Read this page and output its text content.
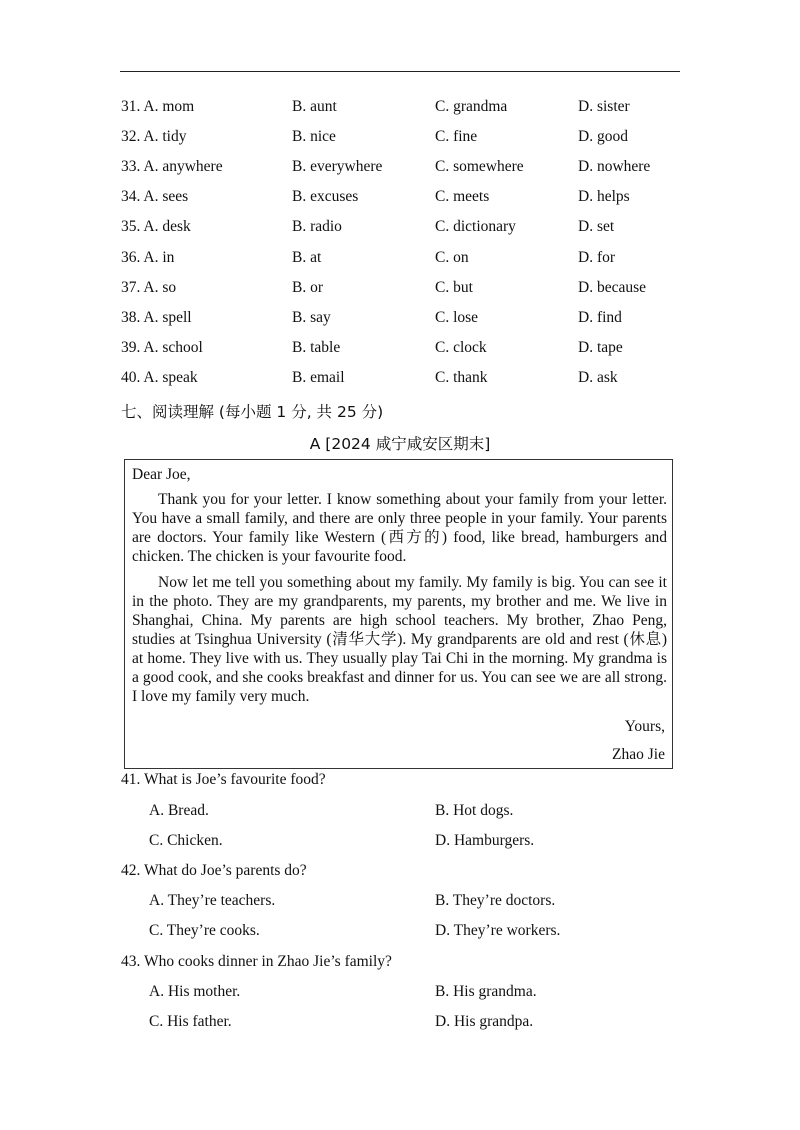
31. A. mom	B. aunt	C. grandma	D. sister
32. A. tidy	B. nice	C. fine	D. good
33. A. anywhere	B. everywhere	C. somewhere	D. nowhere
34. A. sees	B. excuses	C. meets	D. helps
35. A. desk	B. radio	C. dictionary	D. set
36. A. in	B. at	C. on	D. for
37. A. so	B. or	C. but	D. because
38. A. spell	B. say	C. lose	D. find
39. A. school	B. table	C. clock	D. tape
40. A. speak	B. email	C. thank	D. ask
七、阅读理解 (每小题 1 分, 共 25 分)
A [2024 咸宁咸安区期末]
Dear Joe,
Thank you for your letter. I know something about your family from your letter. You have a small family, and there are only three people in your family. Your parents are doctors. Your family like Western (西方的) food, like bread, hamburgers and chicken. The chicken is your favourite food.
Now let me tell you something about my family. My family is big. You can see it in the photo. They are my grandparents, my parents, my brother and me. We live in Shanghai, China. My parents are high school teachers. My brother, Zhao Peng, studies at Tsinghua University (清华大学). My grandparents are old and rest (休息) at home. They live with us. They usually play Tai Chi in the morning. My grandma is a good cook, and she cooks breakfast and dinner for us. You can see we are all strong. I love my family very much.
Yours,
Zhao Jie
41. What is Joe’s favourite food?
A. Bread.	B. Hot dogs.
C. Chicken.	D. Hamburgers.
42. What do Joe’s parents do?
A. They’re teachers.	B. They’re doctors.
C. They’re cooks.	D. They’re workers.
43. Who cooks dinner in Zhao Jie’s family?
A. His mother.	B. His grandma.
C. His father.	D. His grandpa.
